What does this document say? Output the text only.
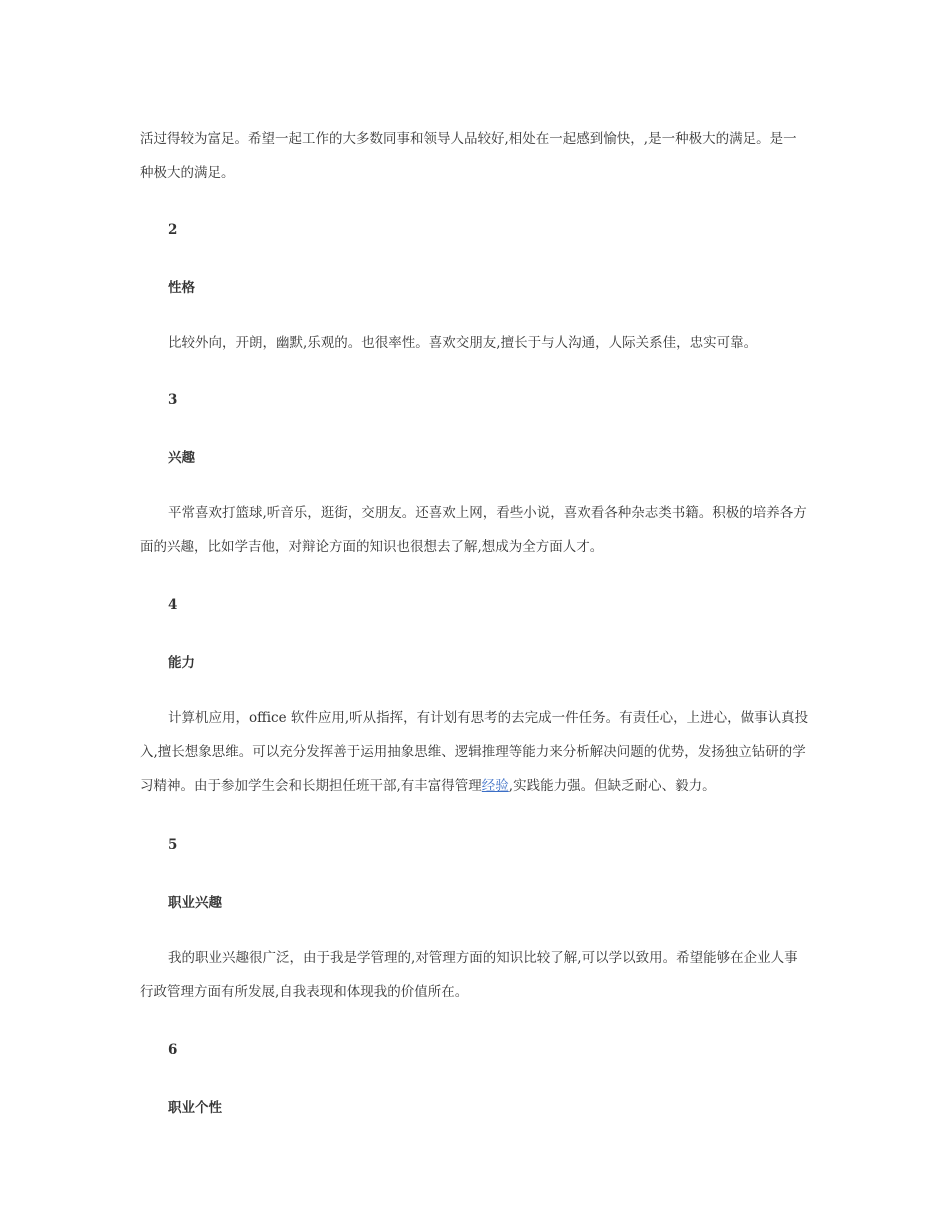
活过得较为富足。希望一起工作的大多数同事和领导人品较好,相处在一起感到愉快，,是一种极大的满足。是一种极大的满足。

2
性格

比较外向，开朗，幽默,乐观的。也很率性。喜欢交朋友,擅长于与人沟通，人际关系佳，忠实可靠。

3
兴趣

平常喜欢打篮球,听音乐，逛街，交朋友。还喜欢上网，看些小说，喜欢看各种杂志类书籍。积极的培养各方面的兴趣，比如学吉他，对辩论方面的知识也很想去了解,想成为全方面人才。

4
能力

计算机应用，office 软件应用,听从指挥，有计划有思考的去完成一件任务。有责任心，上进心，做事认真投入,擅长想象思维。可以充分发挥善于运用抽象思维、逻辑推理等能力来分析解决问题的优势，发扬独立钻研的学习精神。由于参加学生会和长期担任班干部,有丰富得管理经验,实践能力强。但缺乏耐心、毅力。

5
职业兴趣

我的职业兴趣很广泛，由于我是学管理的,对管理方面的知识比较了解,可以学以致用。希望能够在企业人事行政管理方面有所发展,自我表现和体现我的价值所在。

6
职业个性
